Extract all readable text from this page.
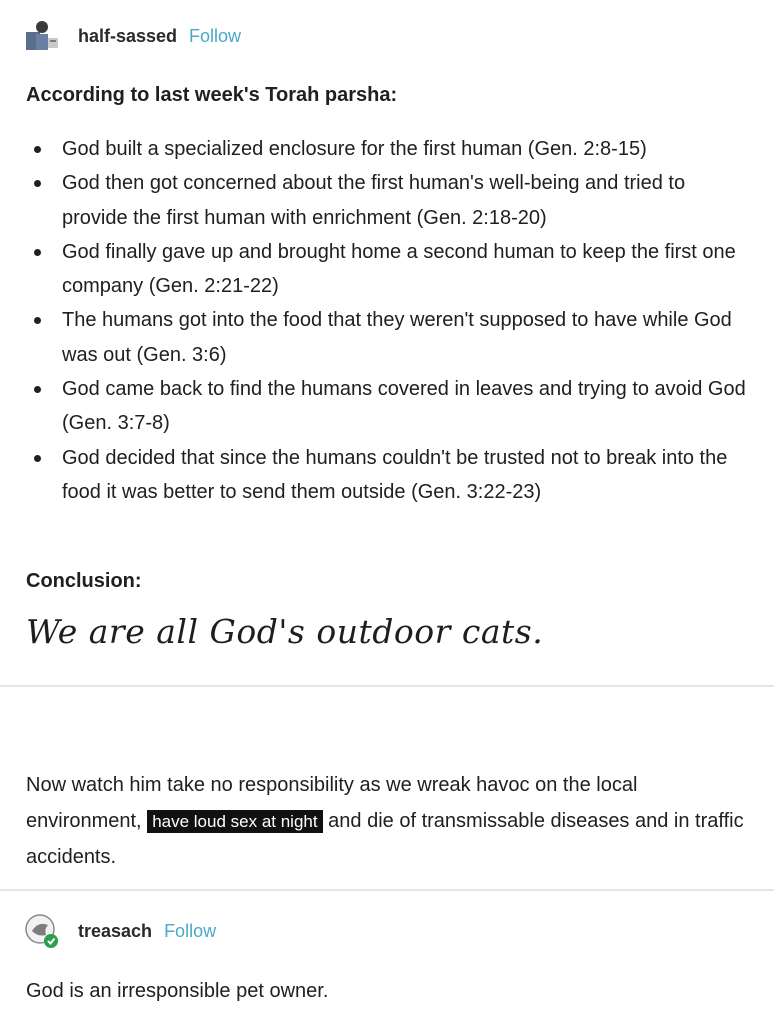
half-sassed Follow
According to last week's Torah parsha:
God built a specialized enclosure for the first human (Gen. 2:8-15)
God then got concerned about the first human's well-being and tried to provide the first human with enrichment (Gen. 2:18-20)
God finally gave up and brought home a second human to keep the first one company (Gen. 2:21-22)
The humans got into the food that they weren't supposed to have while God was out (Gen. 3:6)
God came back to find the humans covered in leaves and trying to avoid God (Gen. 3:7-8)
God decided that since the humans couldn't be trusted not to break into the food it was better to send them outside (Gen. 3:22-23)
Conclusion:
We are all God's outdoor cats.
Now watch him take no responsibility as we wreak havoc on the local environment, have loud sex at night and die of transmissable diseases and in traffic accidents.
treasach Follow
God is an irresponsible pet owner.
